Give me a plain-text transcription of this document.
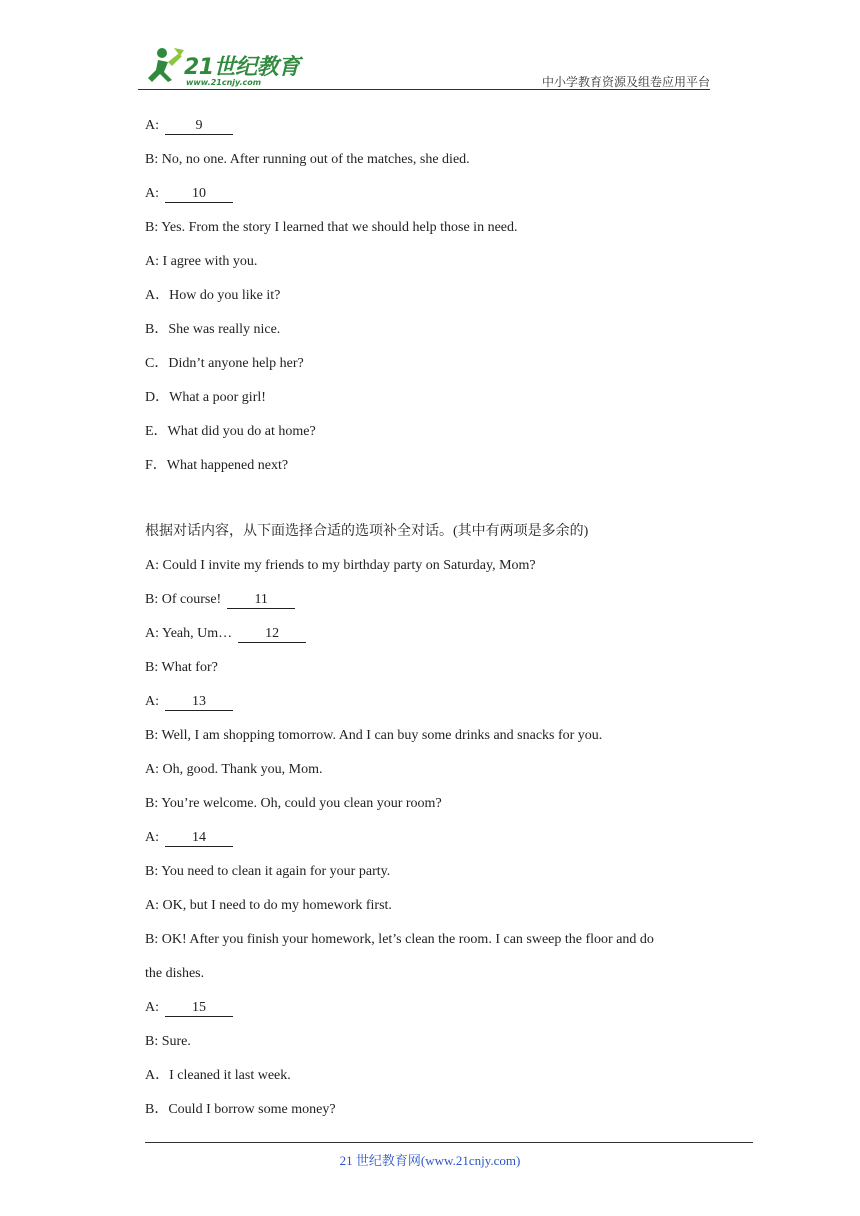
21世纪教育
www.21cnjy.com	中小学教育资源及组卷应用平台
A:	9
B: No, no one. After running out of the matches, she died.
A: 10
B: Yes. From the story I learned that we should help those in need.
A: I agree with you.
A．How do you like it?
B．She was really nice.
C．Didn’t anyone help her?
D．What a poor girl!
E．What did you do at home?
F．What happened next?
根据对话内容，从下面选择合适的选项补全对话。(其中有两项是多余的)
A: Could I invite my friends to my birthday party on Saturday, Mom?
B: Of course! 11
A: Yeah, Um… 12
B: What for?
A: 13
B: Well, I am shopping tomorrow. And I can buy some drinks and snacks for you.
A: Oh, good. Thank you, Mom.
B: You’re welcome. Oh, could you clean your room?
A: 14
B: You need to clean it again for your party.
A: OK, but I need to do my homework first.
B: OK! After you finish your homework, let’s clean the room. I can sweep the floor and do
the dishes.
A: 15
B: Sure.
A．I cleaned it last week.
B．Could I borrow some money?
21 世纪教育网(www.21cnjy.com)
